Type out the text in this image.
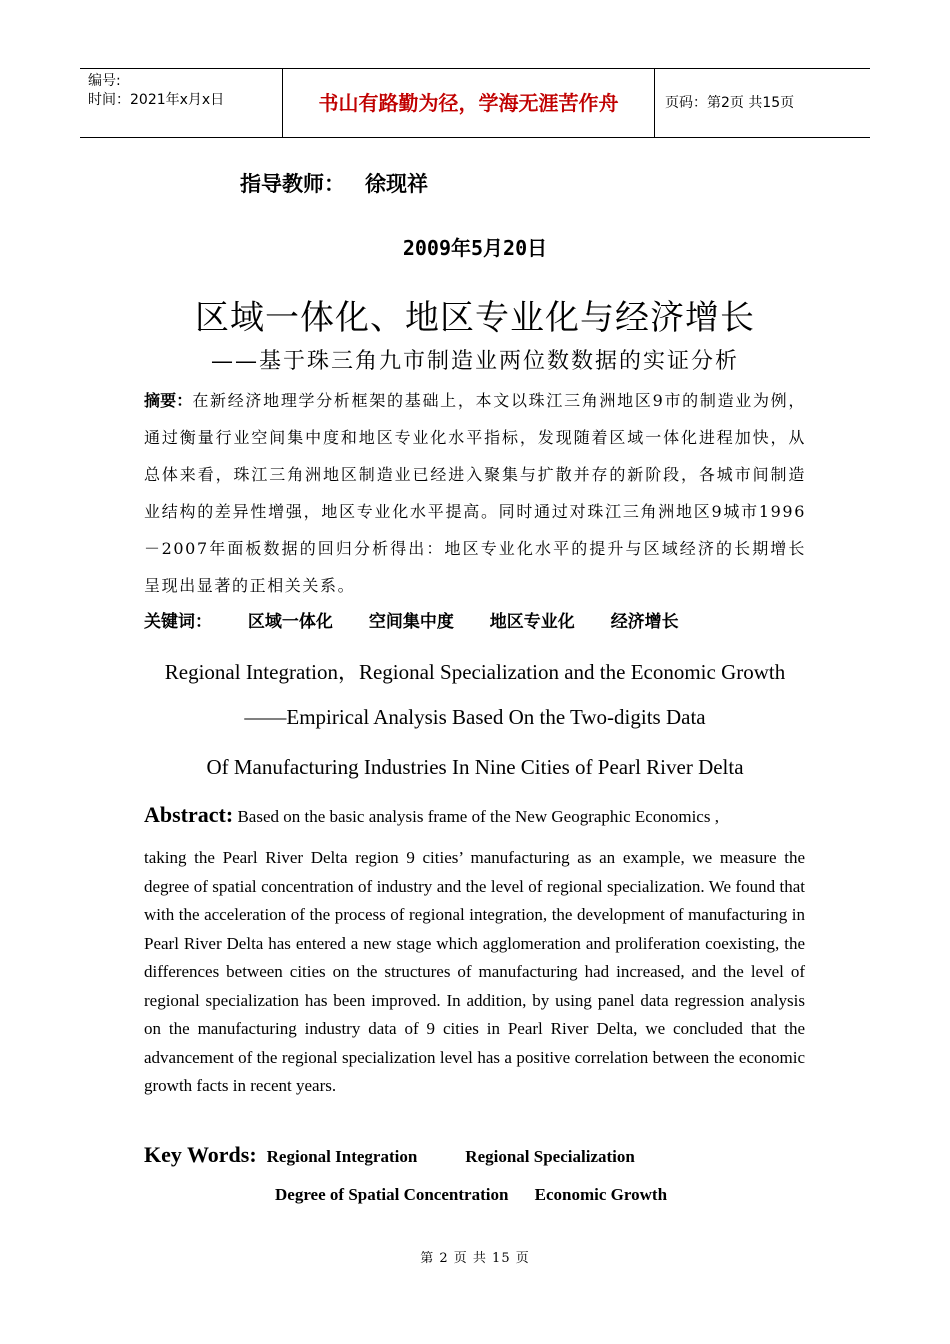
编号:
时间：2021年x月x日	书山有路勤为径，学海无涯苦作舟	页码：第2页 共15页
指导教师： 徐现祥
2009年5月20日
区域一体化、地区专业化与经济增长
——基于珠三角九市制造业两位数数据的实证分析
摘要：在新经济地理学分析框架的基础上，本文以珠江三角洲地区9市的制造业为例，通过衡量行业空间集中度和地区专业化水平指标，发现随着区域一体化进程加快，从总体来看，珠江三角洲地区制造业已经进入聚集与扩散并存的新阶段，各城市间制造业结构的差异性增强，地区专业化水平提高。同时通过对珠江三角洲地区9城市1996－2007年面板数据的回归分析得出：地区专业化水平的提升与区域经济的长期增长呈现出显著的正相关关系。
关键词： 区域一体化 空间集中度 地区专业化 经济增长
Regional Integration，Regional Specialization and the Economic Growth
——Empirical Analysis Based On the Two-digits Data
Of Manufacturing Industries In Nine Cities of Pearl River Delta
Abstract: Based on the basic analysis frame of the New Geographic Economics ,
taking the Pearl River Delta region 9 cities’ manufacturing as an example, we measure the degree of spatial concentration of industry and the level of regional specialization. We found that with the acceleration of the process of regional integration, the development of manufacturing in Pearl River Delta has entered a new stage which agglomeration and proliferation coexisting, the differences between cities on the structures of manufacturing had increased, and the level of regional specialization has been improved. In addition, by using panel data regression analysis on the manufacturing industry data of 9 cities in Pearl River Delta, we concluded that the advancement of the regional specialization level has a positive correlation between the economic growth facts in recent years.
Key Words: Regional Integration	Regional Specialization
Degree of Spatial Concentration Economic Growth
第 2 页 共 15 页
